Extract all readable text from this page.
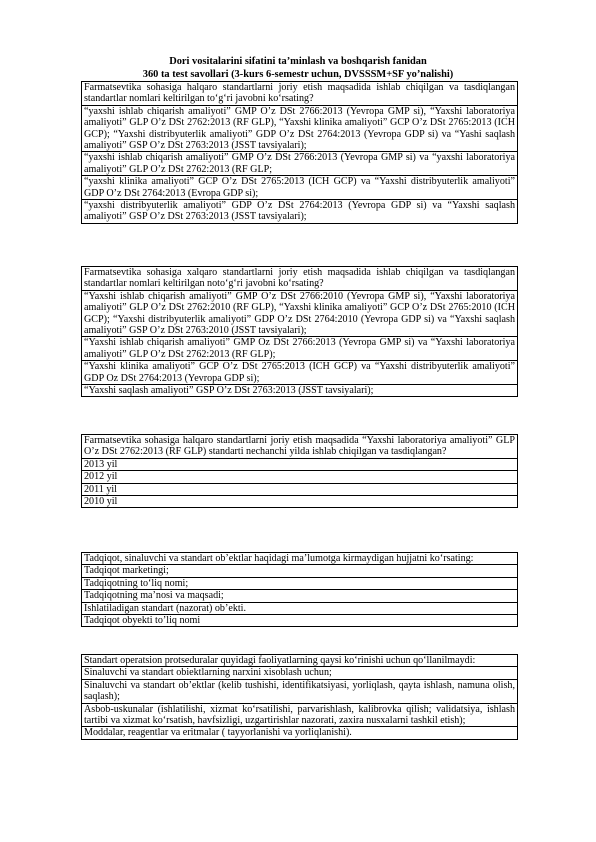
Dori vositalarini sifatini ta’minlash va boshqarish fanidan
360 ta test savollari (3-kurs 6-semestr uchun, DVSSSM+SF yo’nalishi)
Farmatsevtika sohasiga halqaro standartlarni joriy etish maqsadida ishlab chiqilgan va tasdiqlangan standartlar nomlari keltirilgan to‘g‘ri javobni ko‘rsating?
“yaxshi ishlab chiqarish amaliyoti” GMP O’z DSt 2766:2013 (Yevropa GMP si), “Yaxshi laboratoriya amaliyoti” GLP O’z DSt 2762:2013 (RF GLP), “Yaxshi klinika amaliyoti” GCP O’z DSt 2765:2013 (ICH GCP); “Yaxshi distribyuterlik amaliyoti” GDP O’z DSt 2764:2013 (Yevropa GDP si) va “Yashi saqlash amaliyoti” GSP O’z DSt 2763:2013 (JSST tavsiyalari);
“yaxshi ishlab chiqarish amaliyoti” GMP O’z DSt 2766:2013 (Yevropa GMP si) va “yaxshi laboratoriya amaliyoti” GLP O’z DSt 2762:2013 (RF GLP;
“yaxshi klinika amaliyoti” GCP O’z DSt 2765:2013 (ICH GCP) va “Yaxshi distribyuterlik amaliyoti” GDP O’z DSt 2764:2013 (Evropa GDP si);
“yaxshi distribyuterlik amaliyoti” GDP O’z DSt 2764:2013 (Yevropa GDP si) va “Yaxshi saqlash amaliyoti” GSP O’z DSt 2763:2013 (JSST tavsiyalari);
Farmatsevtika sohasiga xalqaro standartlarni joriy etish maqsadida ishlab chiqilgan va tasdiqlangan standartlar nomlari keltirilgan noto‘g‘ri javobni ko‘rsating?
“Yaxshi ishlab chiqarish amaliyoti” GMP O’z DSt 2766:2010 (Yevropa GMP si), “Yaxshi laboratoriya amaliyoti” GLP O’z DSt 2762:2010 (RF GLP), “Yaxshi klinika amaliyoti” GCP O’z DSt 2765:2010 (ICH GCP); “Yaxshi distribyuterlik amaliyoti” GDP O’z DSt 2764:2010 (Yevropa GDP si) va “Yaxshi saqlash amaliyoti” GSP O’z DSt 2763:2010 (JSST tavsiyalari);
“Yaxshi ishlab chiqarish amaliyoti” GMP Oz DSt 2766:2013 (Yevropa GMP si) va “Yaxshi laboratoriya amaliyoti” GLP O’z DSt 2762:2013 (RF GLP);
“Yaxshi klinika amaliyoti” GCP O’z DSt 2765:2013 (ICH GCP) va “Yaxshi distribyuterlik amaliyoti” GDP Oz DSt 2764:2013 (Yevropa GDP si);
“Yaxshi saqlash amaliyoti” GSP O’z DSt 2763:2013 (JSST tavsiyalari);
Farmatsevtika sohasiga halqaro standartlarni joriy etish maqsadida “Yaxshi laboratoriya amaliyoti” GLP O’z DSt 2762:2013 (RF GLP) standarti nechanchi yilda ishlab chiqilgan va tasdiqlangan?
2013 yil
2012 yil
2011 yil
2010 yil
Tadqiqot, sinaluvchi va standart ob’ektlar haqidagi ma’lumotga kirmaydigan hujjatni ko‘rsating:
Tadqiqot marketingi;
Tadqiqotning to‘liq nomi;
Tadqiqotning ma’nosi va maqsadi;
Ishlatiladigan standart (nazorat) ob’ekti.
Tadqiqot obyekti to’liq nomi
Standart operatsion protseduralar quyidagi faoliyatlarning qaysi ko‘rinishi uchun qo‘llanilmaydi:
Sinaluvchi va standart obiektlarning narxini xisoblash uchun;
Sinaluvchi va standart ob’ektlar (kelib tushishi, identifikatsiyasi, yorliqlash, qayta ishlash, namuna olish, saqlash);
Asbob-uskunalar (ishlatilishi, xizmat ko‘rsatilishi, parvarishlash, kalibrovka qilish; validatsiya, ishlash tartibi va xizmat ko‘rsatish, havfsizligi, uzgartirishlar nazorati, zaxira nusxalarni tashkil etish);
Moddalar, reagentlar va eritmalar ( tayyorlanishi va yorliqlanishi).
